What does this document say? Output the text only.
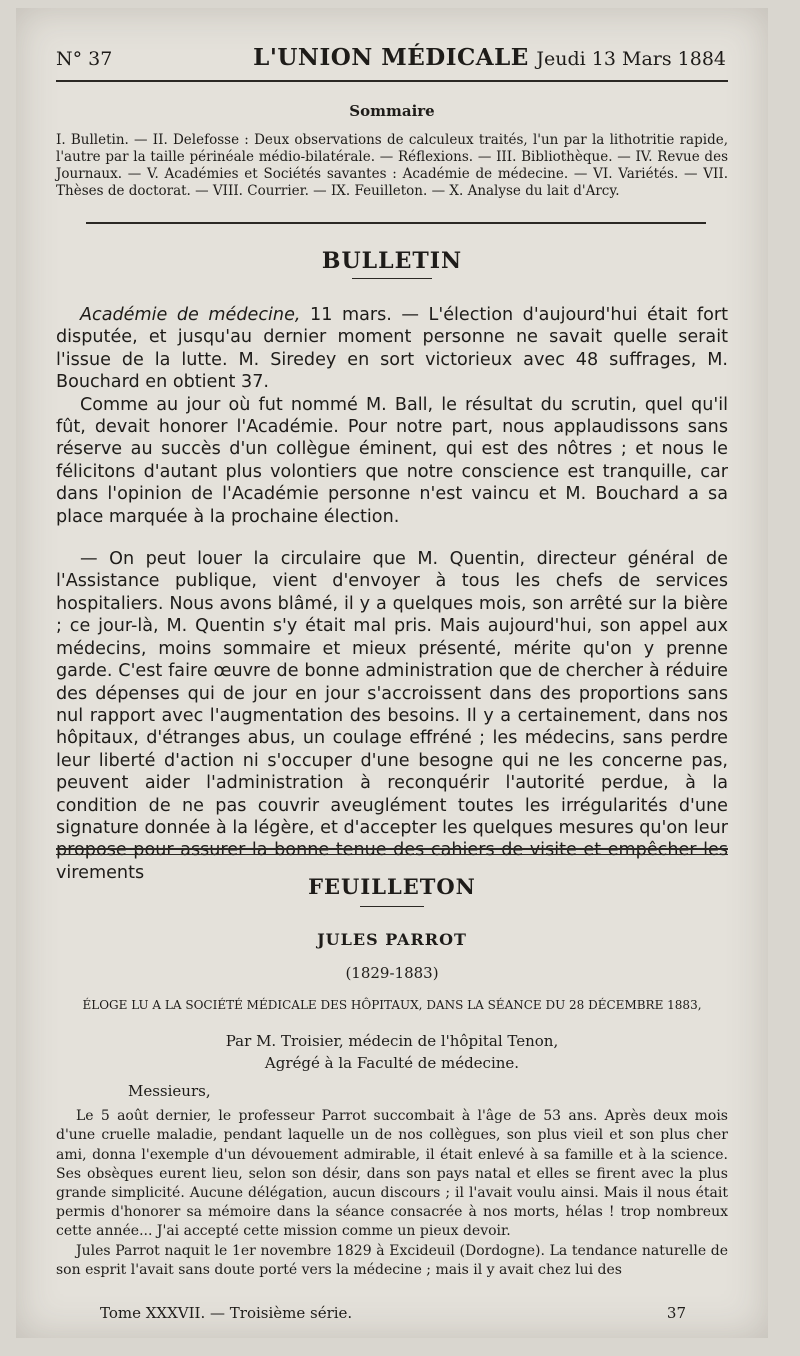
N° 37	L'UNION MÉDICALE Jeudi 13 Mars 1884
Sommaire
I. Bulletin. — II. Delefosse : Deux observations de calculeux traités, l'un par la lithotritie rapide, l'autre par la taille périnéale médio-bilatérale. — Réflexions. — III. Bibliothèque. — IV. Revue des Journaux. — V. Académies et Sociétés savantes : Académie de médecine. — VI. Variétés. — VII. Thèses de doctorat. — VIII. Courrier. — IX. Feuilleton. — X. Analyse du lait d'Arcy.
BULLETIN

Académie de médecine, 11 mars. — L'élection d'aujourd'hui était fort disputée, et jusqu'au dernier moment personne ne savait quelle serait l'issue de la lutte. M. Siredey en sort victorieux avec 48 suffrages, M. Bouchard en obtient 37.

Comme au jour où fut nommé M. Ball, le résultat du scrutin, quel qu'il fût, devait honorer l'Académie. Pour notre part, nous applaudissons sans réserve au succès d'un collègue éminent, qui est des nôtres ; et nous le félicitons d'autant plus volontiers que notre conscience est tranquille, car dans l'opinion de l'Académie personne n'est vaincu et M. Bouchard a sa place marquée à la prochaine élection.

— On peut louer la circulaire que M. Quentin, directeur général de l'Assistance publique, vient d'envoyer à tous les chefs de services hospitaliers. Nous avons blâmé, il y a quelques mois, son arrêté sur la bière ; ce jour-là, M. Quentin s'y était mal pris. Mais aujourd'hui, son appel aux médecins, moins sommaire et mieux présenté, mérite qu'on y prenne garde. C'est faire œuvre de bonne administration que de chercher à réduire des dépenses qui de jour en jour s'accroissent dans des proportions sans nul rapport avec l'augmentation des besoins. Il y a certainement, dans nos hôpitaux, d'étranges abus, un coulage effréné ; les médecins, sans perdre leur liberté d'action ni s'occuper d'une besogne qui ne les concerne pas, peuvent aider l'administration à reconquérir l'autorité perdue, à la condition de ne pas couvrir aveuglément toutes les irrégularités d'une signature donnée à la légère, et d'accepter les quelques mesures qu'on leur propose pour assurer la bonne tenue des cahiers de visite et empêcher les virements

FEUILLETON
JULES PARROT
(1829-1883)
ÉLOGE LU A LA SOCIÉTÉ MÉDICALE DES HÔPITAUX, DANS LA SÉANCE DU 28 DÉCEMBRE 1883,
Par M. Troisier, médecin de l'hôpital Tenon,
Agrégé à la Faculté de médecine.

Messieurs,

Le 5 août dernier, le professeur Parrot succombait à l'âge de 53 ans. Après deux mois d'une cruelle maladie, pendant laquelle un de nos collègues, son plus vieil et son plus cher ami, donna l'exemple d'un dévouement admirable, il était enlevé à sa famille et à la science. Ses obsèques eurent lieu, selon son désir, dans son pays natal et elles se firent avec la plus grande simplicité. Aucune délégation, aucun discours ; il l'avait voulu ainsi. Mais il nous était permis d'honorer sa mémoire dans la séance consacrée à nos morts, hélas ! trop nombreux cette année... J'ai accepté cette mission comme un pieux devoir.

Jules Parrot naquit le 1er novembre 1829 à Excideuil (Dordogne). La tendance naturelle de son esprit l'avait sans doute porté vers la médecine ; mais il y avait chez lui des

Tome XXXVII. — Troisième série.	37
